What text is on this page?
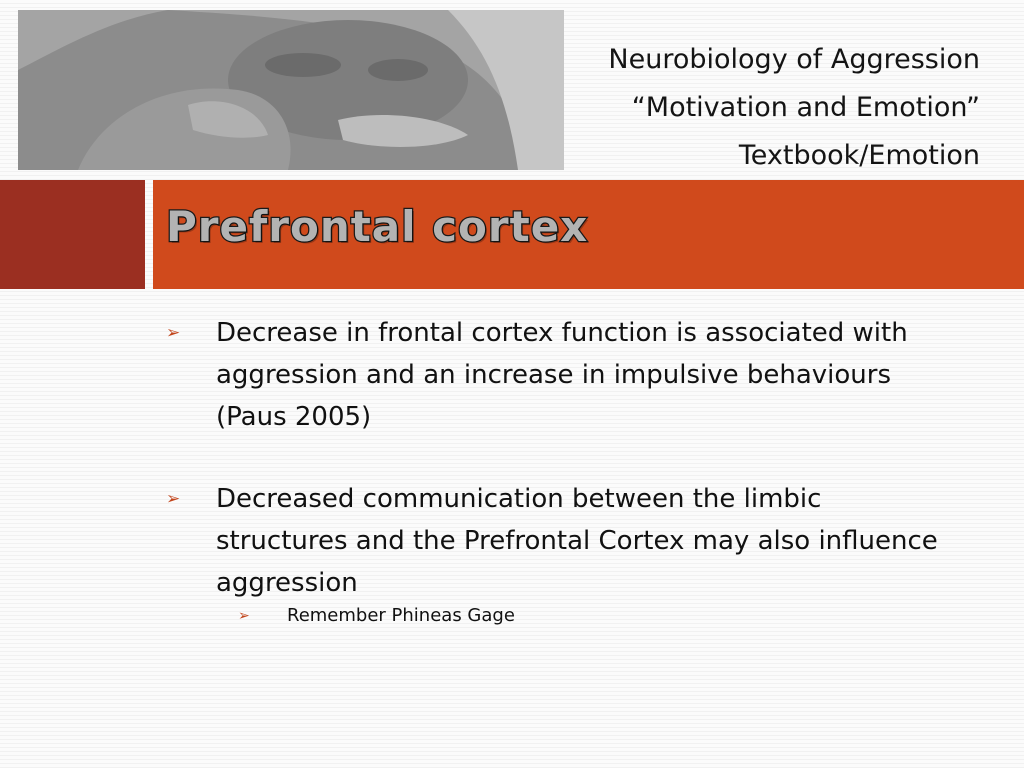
Neurobiology of Aggression
“Motivation and Emotion”
Textbook/Emotion
Prefrontal cortex
➢ Decrease in frontal cortex function is associated with aggression and an increase in impulsive behaviours (Paus 2005)
➢ Decreased communication between the limbic structures and the Prefrontal Cortex may also influence aggression
➢ Remember Phineas Gage
